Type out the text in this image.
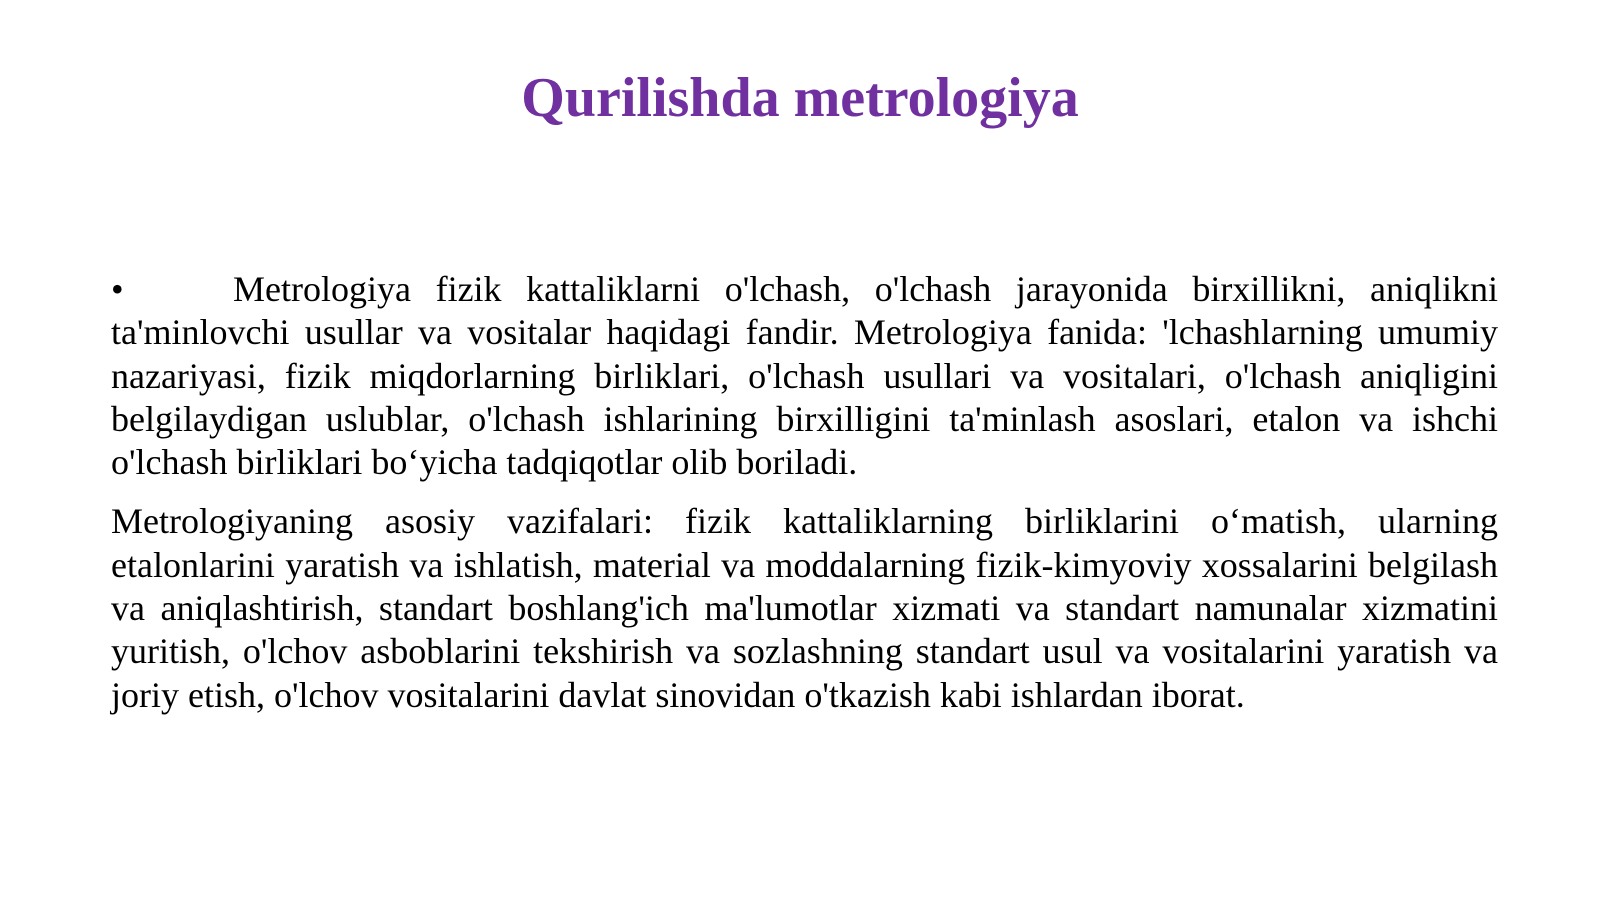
Qurilishda metrologiya

•	Metrologiya fizik kattaliklarni o'lchash, o'lchash jarayonida birxillikni, aniqlikni ta'minlovchi usullar va vositalar haqidagi fandir. Metrologiya fanida: 'lchashlarning umumiy nazariyasi, fizik miqdorlarning birliklari, o'lchash usullari va vositalari, o'lchash aniqligini belgilaydigan uslublar, o'lchash ishlarining birxilligini ta'minlash asoslari, etalon va ishchi o'lchash birliklari bo‘yicha tadqiqotlar olib boriladi.

Metrologiyaning asosiy vazifalari: fizik kattaliklarning birliklarini o‘matish, ularning etalonlarini yaratish va ishlatish, material va moddalarning fizik-kimyoviy xossalarini belgilash va aniqlashtirish, standart boshlang'ich ma'lumotlar xizmati va standart namunalar xizmatini yuritish, o'lchov asboblarini tekshirish va sozlashning standart usul va vositalarini yaratish va joriy etish, o'lchov vositalarini davlat sinovidan o'tkazish kabi ishlardan iborat.
